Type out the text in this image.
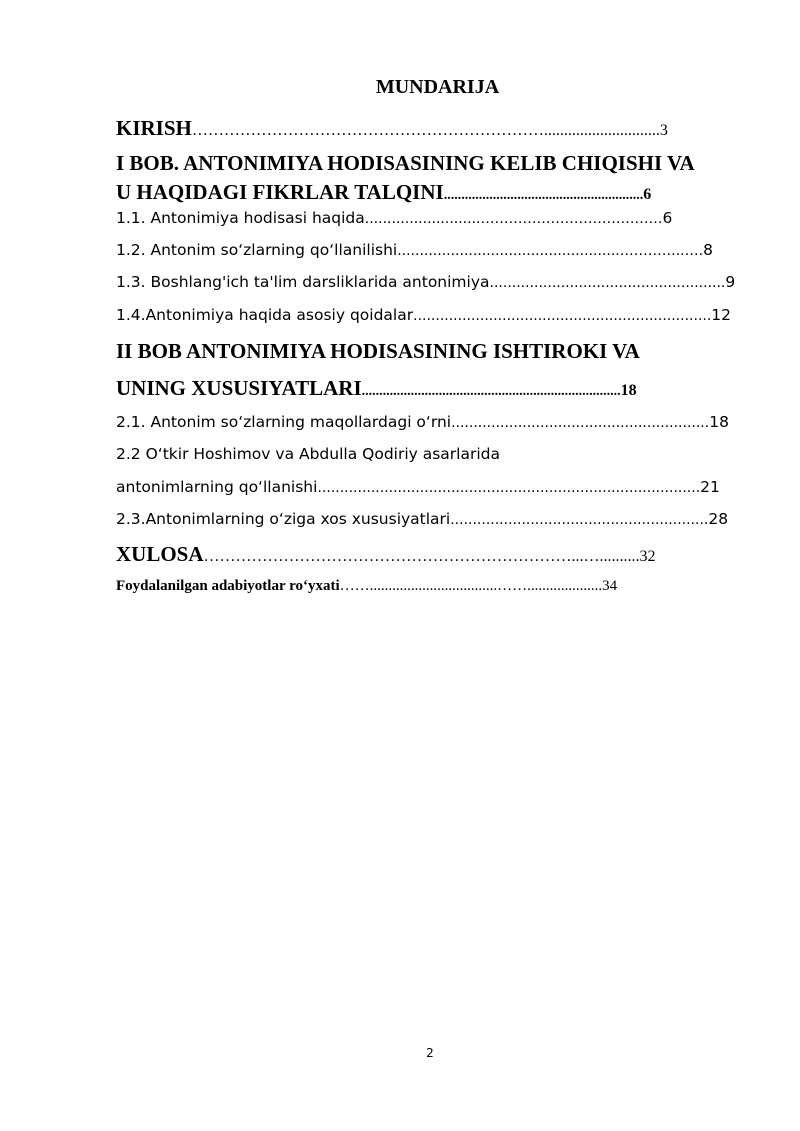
MUNDARIJA
KIRISH………………………………………………………….............................3
I BOB. ANTONIMIYA HODISASINING KELIB CHIQISHI VA
U HAQIDAGI FIKRLAR TALQINI.........................................................6
1.1. Antonimiya hodisasi haqida..........................…………………………………6
1.2. Antonim so‘zlarning qo‘llanilishi..................................................…………..….8
1.3. Boshlang'ich ta'lim darsliklarida antonimiya.....................................................9
1.4.Antonimiya haqida asosiy qoidalar...................................................................12
II BOB ANTONIMIYA HODISASINING ISHTIROKI VA
UNING XUSUSIYATLARI..........................................................................18
2.1. Antonim so‘zlarning maqollardagi o‘rni..........................................................18
2.2 O‘tkir Hoshimov va Abdulla Qodiriy asarlarida
antonimlarning qo‘llanishi......................................................................................21
2.3.Antonimlarning o‘ziga xos xususiyatlari..........................................................28
XULOSA……………………………………………………………...…..........32
Foydalanilgan adabiyotlar ro‘yxati……..................................……....................34
2
